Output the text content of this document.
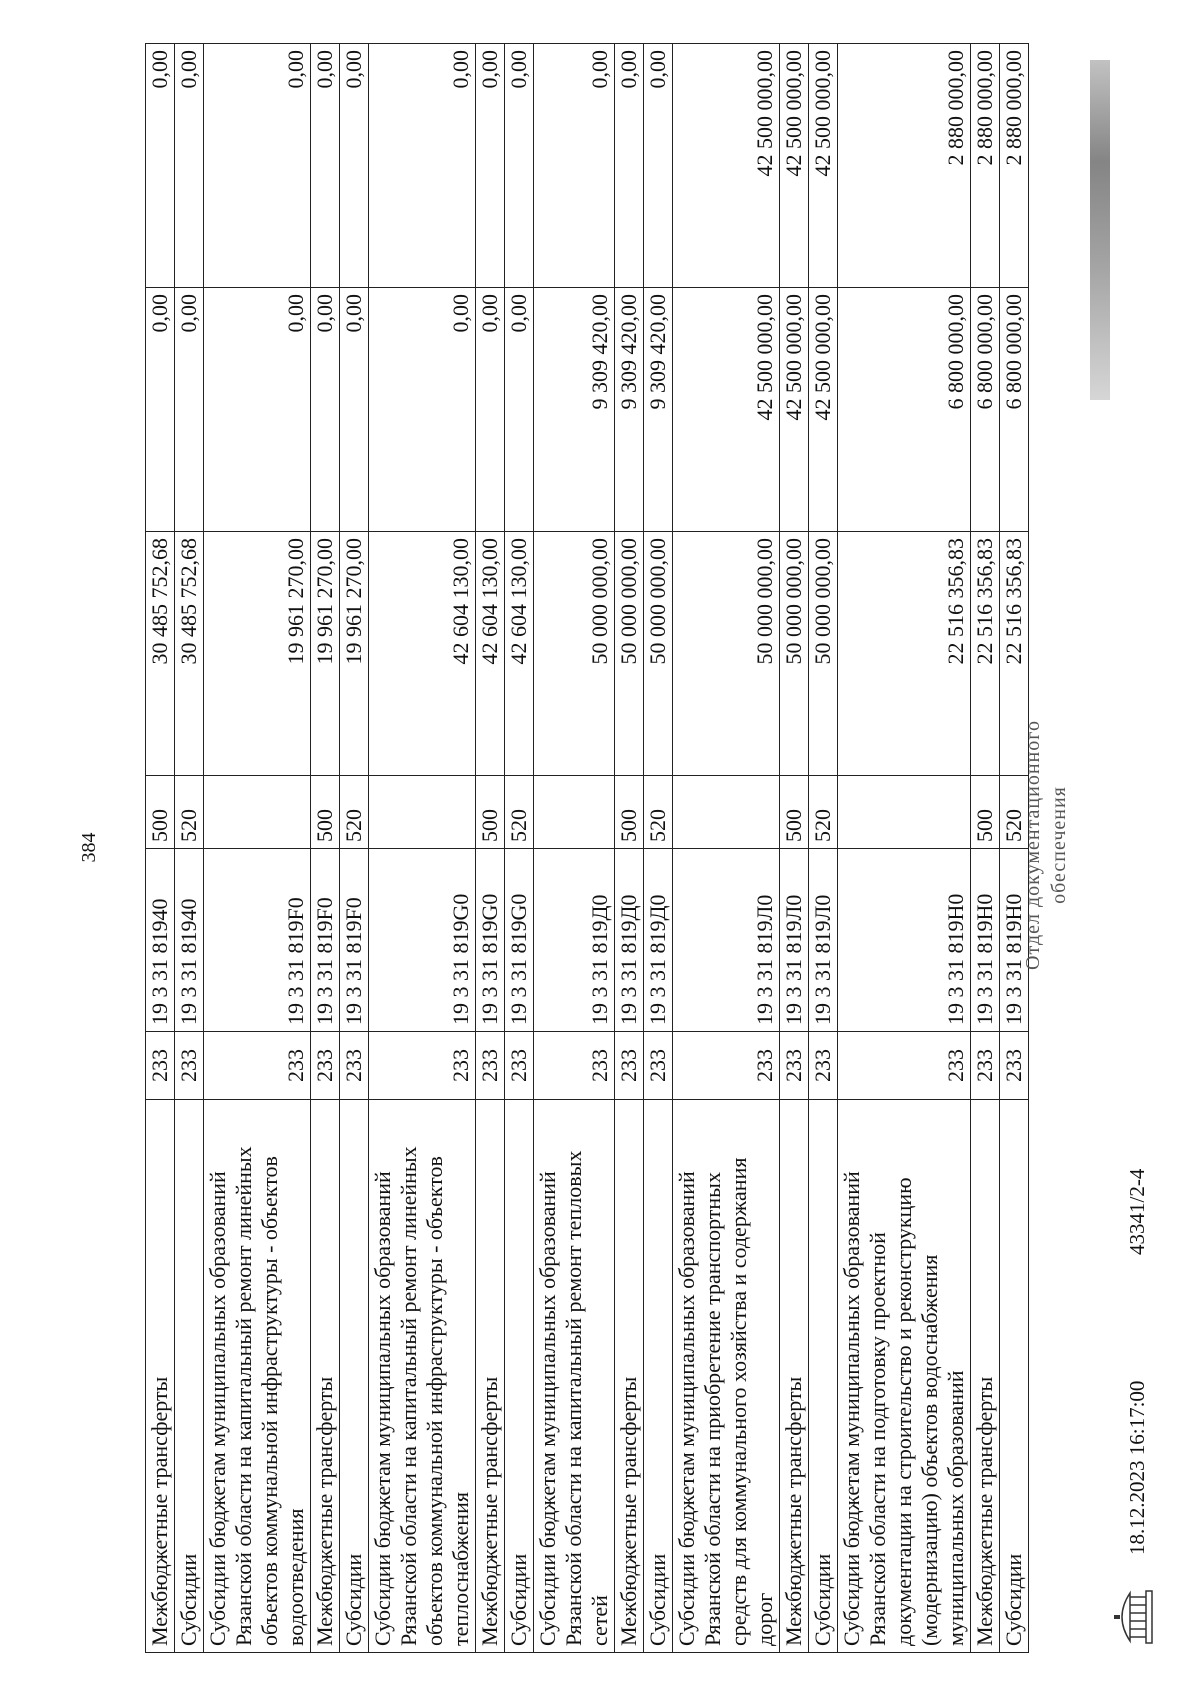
384
Межбюджетные трансферты	233	19 3 31 81940	500	30 485 752,68	0,00	0,00
Субсидии	233	19 3 31 81940	520	30 485 752,68	0,00	0,00
Субсидии бюджетам муниципальных образований Рязанской области на капитальный ремонт линейных объектов коммунальной инфраструктуры - объектов водоотведения	233	19 3 31 819F0		19 961 270,00	0,00	0,00
Межбюджетные трансферты	233	19 3 31 819F0	500	19 961 270,00	0,00	0,00
Субсидии	233	19 3 31 819F0	520	19 961 270,00	0,00	0,00
Субсидии бюджетам муниципальных образований Рязанской области на капитальный ремонт линейных объектов коммунальной инфраструктуры - объектов теплоснабжения	233	19 3 31 819G0		42 604 130,00	0,00	0,00
Межбюджетные трансферты	233	19 3 31 819G0	500	42 604 130,00	0,00	0,00
Субсидии	233	19 3 31 819G0	520	42 604 130,00	0,00	0,00
Субсидии бюджетам муниципальных образований Рязанской области на капитальный ремонт тепловых сетей	233	19 3 31 819Д0		50 000 000,00	9 309 420,00	0,00
Межбюджетные трансферты	233	19 3 31 819Д0	500	50 000 000,00	9 309 420,00	0,00
Субсидии	233	19 3 31 819Д0	520	50 000 000,00	9 309 420,00	0,00
Субсидии бюджетам муниципальных образований Рязанской области на приобретение транспортных средств для коммунального хозяйства и содержания дорог	233	19 3 31 819Л0		50 000 000,00	42 500 000,00	42 500 000,00
Межбюджетные трансферты	233	19 3 31 819Л0	500	50 000 000,00	42 500 000,00	42 500 000,00
Субсидии	233	19 3 31 819Л0	520	50 000 000,00	42 500 000,00	42 500 000,00
Субсидии бюджетам муниципальных образований Рязанской области на подготовку проектной документации на строительство и реконструкцию (модернизацию) объектов водоснабжения муниципальных образований	233	19 3 31 819Н0		22 516 356,83	6 800 000,00	2 880 000,00
Межбюджетные трансферты	233	19 3 31 819Н0	500	22 516 356,83	6 800 000,00	2 880 000,00
Субсидии	233	19 3 31 819Н0	520	22 516 356,83	6 800 000,00	2 880 000,00
18.12.2023 16:17:00
43341/2-4
Отдел документационного обеспечения
